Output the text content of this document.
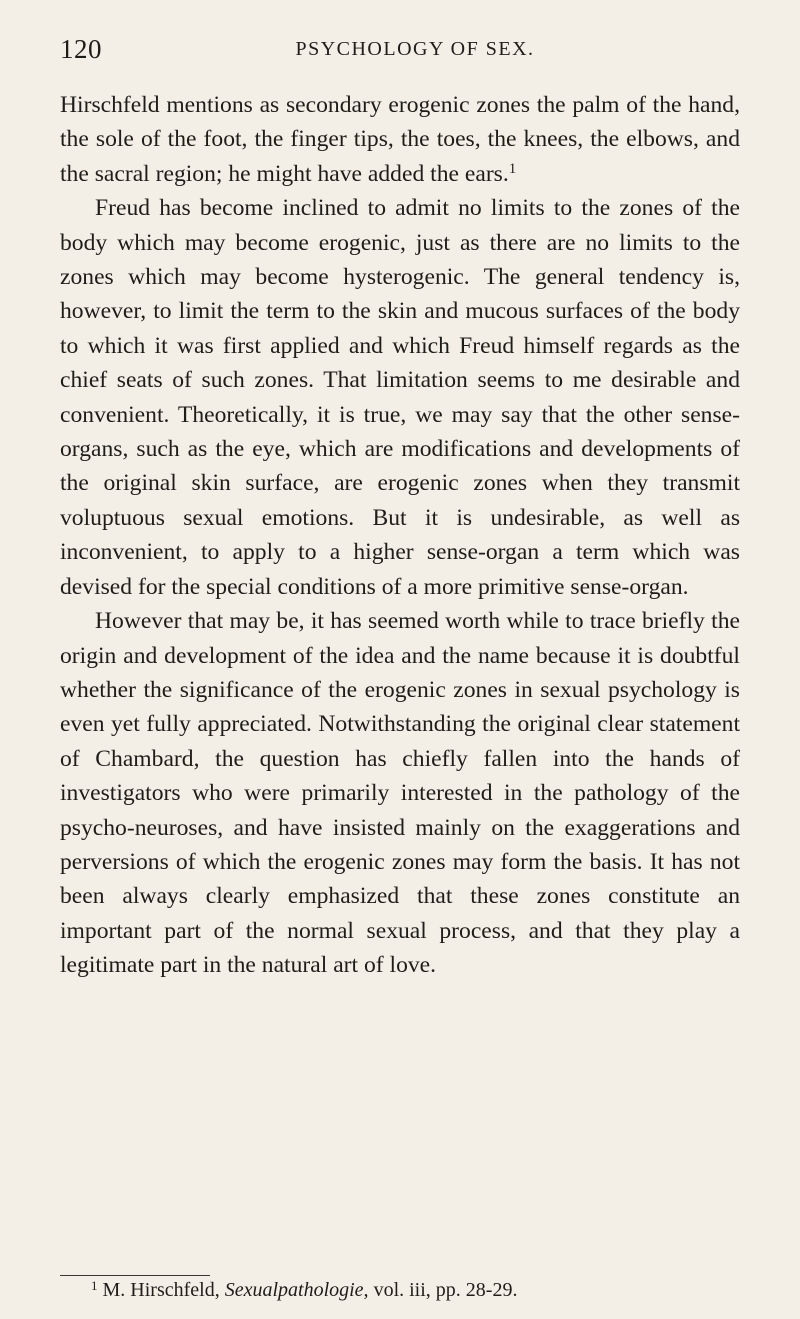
120	PSYCHOLOGY OF SEX.

Hirschfeld mentions as secondary erogenic zones the palm of the hand, the sole of the foot, the finger tips, the toes, the knees, the elbows, and the sacral region; he might have added the ears.$^1$

Freud has become inclined to admit no limits to the zones of the body which may become erogenic, just as there are no limits to the zones which may become hysterogenic. The general tendency is, however, to limit the term to the skin and mucous surfaces of the body to which it was first applied and which Freud himself regards as the chief seats of such zones. That limitation seems to me desirable and convenient. Theoretically, it is true, we may say that the other sense-organs, such as the eye, which are modifications and developments of the original skin surface, are erogenic zones when they transmit voluptuous sexual emotions. But it is undesirable, as well as inconvenient, to apply to a higher sense-organ a term which was devised for the special conditions of a more primitive sense-organ.

However that may be, it has seemed worth while to trace briefly the origin and development of the idea and the name because it is doubtful whether the significance of the erogenic zones in sexual psychology is even yet fully appreciated. Notwithstanding the original clear statement of Chambard, the question has chiefly fallen into the hands of investigators who were primarily interested in the pathology of the psycho-neuroses, and have insisted mainly on the exaggerations and perversions of which the erogenic zones may form the basis. It has not been always clearly emphasized that these zones constitute an important part of the normal sexual process, and that they play a legitimate part in the natural art of love.

$^1$ M. Hirschfeld, Sexualpathologie, vol. iii, pp. 28-29.
